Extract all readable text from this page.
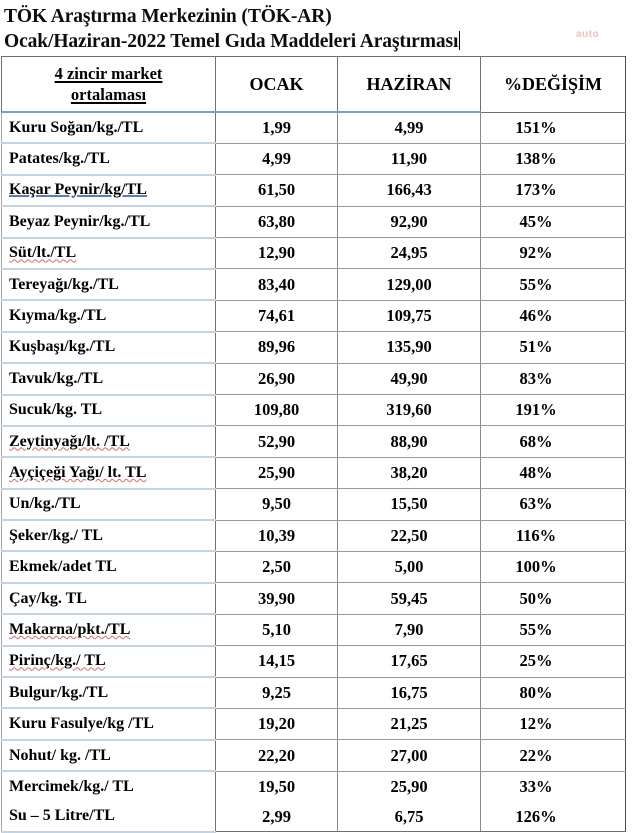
TÖK Araştırma Merkezinin (TÖK-AR)
Ocak/Haziran-2022 Temel Gıda Maddeleri Araştırması	auto
4 zincir market
ortalaması	OCAK	HAZİRAN	%DEĞİŞİM
Kuru Soğan/kg./TL	1,99	4,99	151%
Patates/kg./TL	4,99	11,90	138%
Kaşar Peynir/kg/TL	61,50	166,43	173%
Beyaz Peynir/kg./TL	63,80	92,90	45%
Süt/lt./TL	12,90	24,95	92%
Tereyağı/kg./TL	83,40	129,00	55%
Kıyma/kg./TL	74,61	109,75	46%
Kuşbaşı/kg./TL	89,96	135,90	51%
Tavuk/kg./TL	26,90	49,90	83%
Sucuk/kg. TL	109,80	319,60	191%
Zeytinyağı/lt. /TL	52,90	88,90	68%
Ayçiçeği Yağı/ lt. TL	25,90	38,20	48%
Un/kg./TL	9,50	15,50	63%
Şeker/kg./ TL	10,39	22,50	116%
Ekmek/adet TL	2,50	5,00	100%
Çay/kg. TL	39,90	59,45	50%
Makarna/pkt./TL	5,10	7,90	55%
Pirinç/kg./ TL	14,15	17,65	25%
Bulgur/kg./TL	9,25	16,75	80%
Kuru Fasulye/kg /TL	19,20	21,25	12%
Nohut/ kg. /TL	22,20	27,00	22%
Mercimek/kg./ TL	19,50	25,90	33%
Su – 5 Litre/TL	2,99	6,75	126%
